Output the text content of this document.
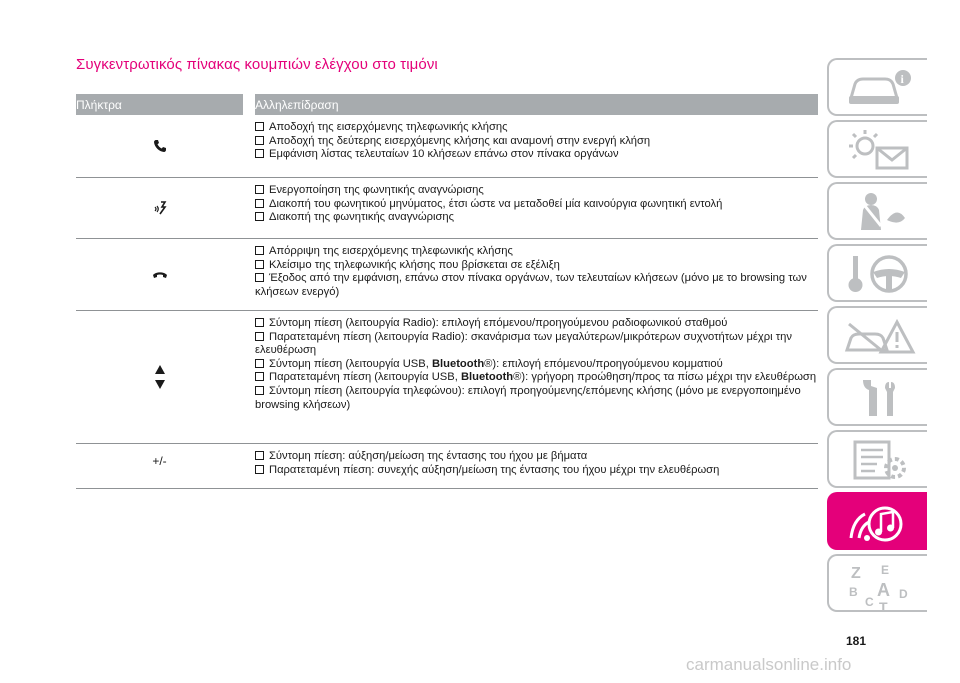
Συγκεντρωτικός πίνακας κουμπιών ελέγχου στο τιμόνι
Πλήκτρα	Αλληλεπίδραση
Αποδοχή της εισερχόμενης τηλεφωνικής κλήσης
Αποδοχή της δεύτερης εισερχόμενης κλήσης και αναμονή στην ενεργή κλήση
Εμφάνιση λίστας τελευταίων 10 κλήσεων επάνω στον πίνακα οργάνων
Ενεργοποίηση της φωνητικής αναγνώρισης
Διακοπή του φωνητικού μηνύματος, έτσι ώστε να μεταδοθεί μία καινούργια φωνητική εντολή
Διακοπή της φωνητικής αναγνώρισης
Απόρριψη της εισερχόμενης τηλεφωνικής κλήσης
Κλείσιμο της τηλεφωνικής κλήσης που βρίσκεται σε εξέλιξη
Έξοδος από την εμφάνιση, επάνω στον πίνακα οργάνων, των τελευταίων κλήσεων (μόνο με το browsing των κλήσεων ενεργό)
Σύντομη πίεση (λειτουργία Radio): επιλογή επόμενου/προηγούμενου ραδιοφωνικού σταθμού
Παρατεταμένη πίεση (λειτουργία Radio): σκανάρισμα των μεγαλύτερων/μικρότερων συχνοτήτων μέχρι την ελευθέρωση
Σύντομη πίεση (λειτουργία USB, Bluetooth®): επιλογή επόμενου/προηγούμενου κομματιού
Παρατεταμένη πίεση (λειτουργία USB, Bluetooth®): γρήγορη προώθηση/προς τα πίσω μέχρι την ελευθέρωση
Σύντομη πίεση (λειτουργία τηλεφώνου): επιλογή προηγούμενης/επόμενης κλήσης (μόνο με ενεργοποιημένο browsing κλήσεων)
+/-	Σύντομη πίεση: αύξηση/μείωση της έντασης του ήχου με βήματα
Παρατεταμένη πίεση: συνεχής αύξηση/μείωση της έντασης του ήχου μέχρι την ελευθέρωση
i
Z E
B A
C
D
T
181
carmanualsonline.info
